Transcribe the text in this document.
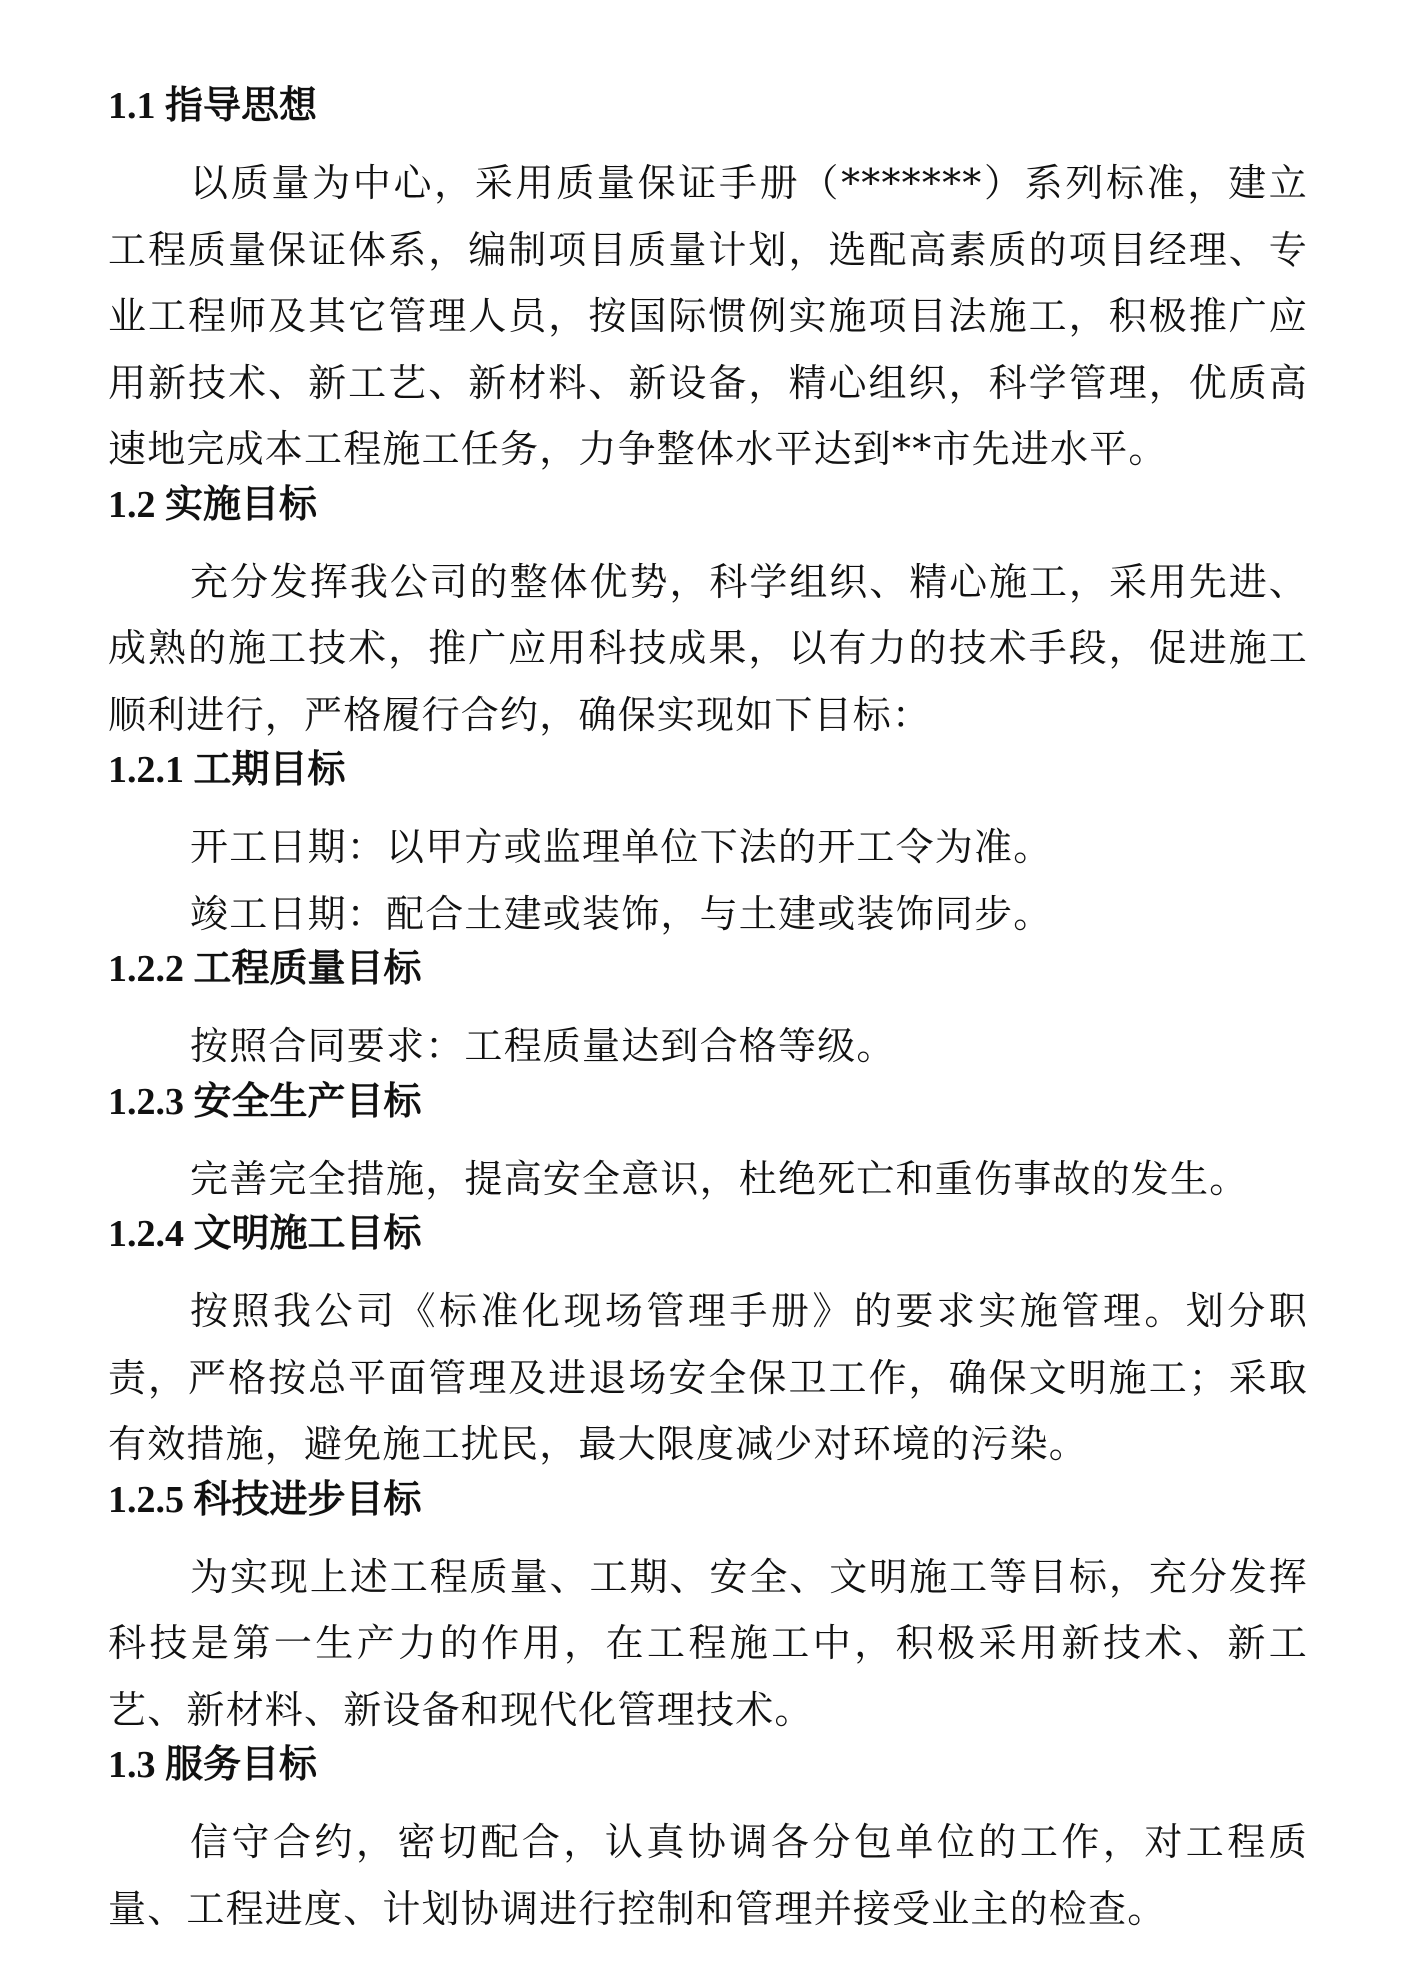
1.1 指导思想

以质量为中心，采用质量保证手册（*******）系列标准，建立工程质量保证体系，编制项目质量计划，选配高素质的项目经理、专业工程师及其它管理人员，按国际惯例实施项目法施工，积极推广应用新技术、新工艺、新材料、新设备，精心组织，科学管理，优质高速地完成本工程施工任务，力争整体水平达到**市先进水平。

1.2 实施目标

充分发挥我公司的整体优势，科学组织、精心施工，采用先进、成熟的施工技术，推广应用科技成果，以有力的技术手段，促进施工顺利进行，严格履行合约，确保实现如下目标：

1.2.1 工期目标

开工日期：以甲方或监理单位下法的开工令为准。

竣工日期：配合土建或装饰，与土建或装饰同步。

1.2.2 工程质量目标

按照合同要求：工程质量达到合格等级。

1.2.3 安全生产目标

完善完全措施，提高安全意识，杜绝死亡和重伤事故的发生。

1.2.4 文明施工目标

按照我公司《标准化现场管理手册》的要求实施管理。划分职责，严格按总平面管理及进退场安全保卫工作，确保文明施工；采取有效措施，避免施工扰民，最大限度减少对环境的污染。

1.2.5 科技进步目标

为实现上述工程质量、工期、安全、文明施工等目标，充分发挥科技是第一生产力的作用，在工程施工中，积极采用新技术、新工艺、新材料、新设备和现代化管理技术。

1.3 服务目标

信守合约，密切配合，认真协调各分包单位的工作，对工程质量、工程进度、计划协调进行控制和管理并接受业主的检查。
